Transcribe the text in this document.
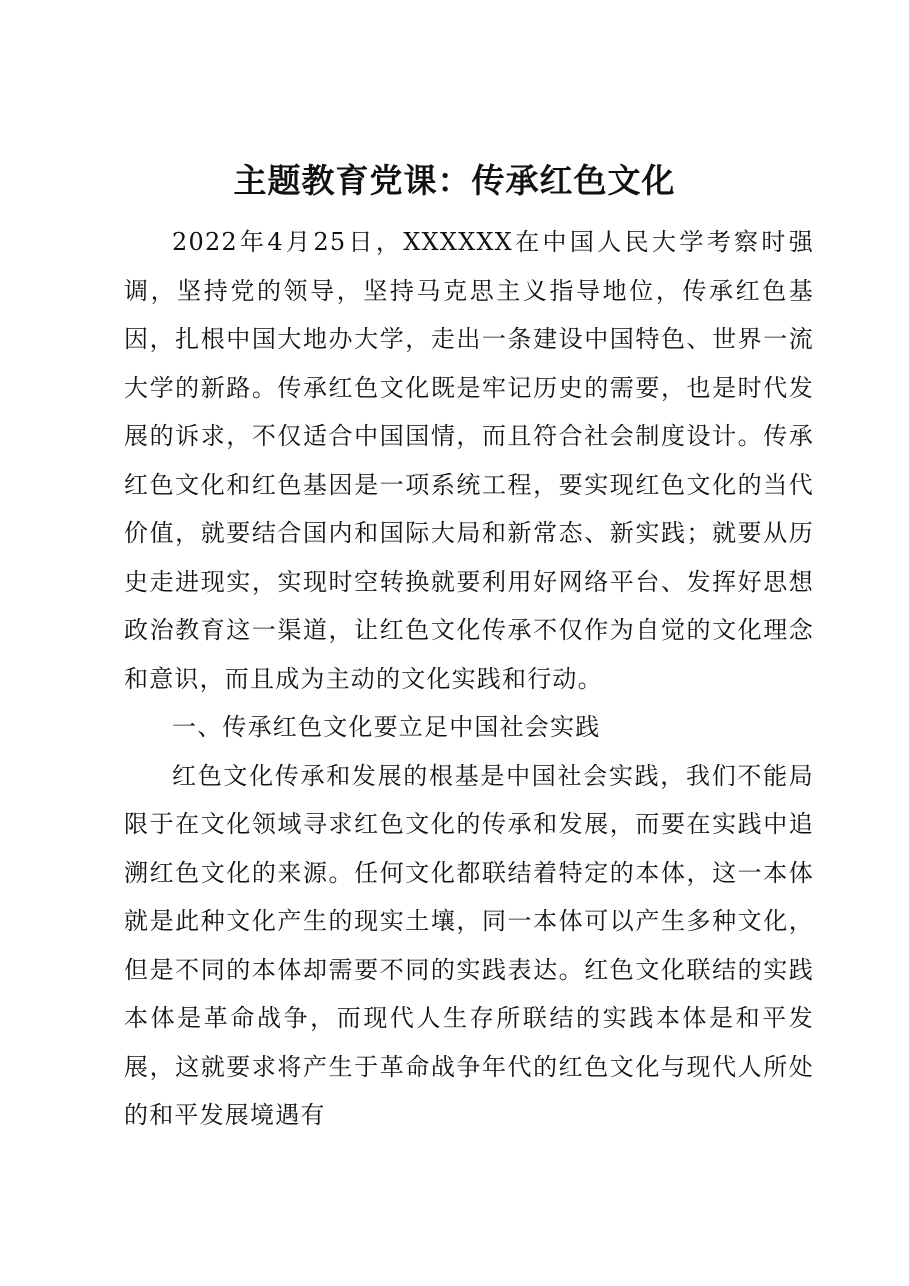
主题教育党课：传承红色文化

2022年4月25日，XXXXXX在中国人民大学考察时强调，坚持党的领导，坚持马克思主义指导地位，传承红色基因，扎根中国大地办大学，走出一条建设中国特色、世界一流大学的新路。传承红色文化既是牢记历史的需要，也是时代发展的诉求，不仅适合中国国情，而且符合社会制度设计。传承红色文化和红色基因是一项系统工程，要实现红色文化的当代价值，就要结合国内和国际大局和新常态、新实践；就要从历史走进现实，实现时空转换就要利用好网络平台、发挥好思想政治教育这一渠道，让红色文化传承不仅作为自觉的文化理念和意识，而且成为主动的文化实践和行动。

一、传承红色文化要立足中国社会实践

红色文化传承和发展的根基是中国社会实践，我们不能局限于在文化领域寻求红色文化的传承和发展，而要在实践中追溯红色文化的来源。任何文化都联结着特定的本体，这一本体就是此种文化产生的现实土壤，同一本体可以产生多种文化，但是不同的本体却需要不同的实践表达。红色文化联结的实践本体是革命战争，而现代人生存所联结的实践本体是和平发展，这就要求将产生于革命战争年代的红色文化与现代人所处的和平发展境遇有
